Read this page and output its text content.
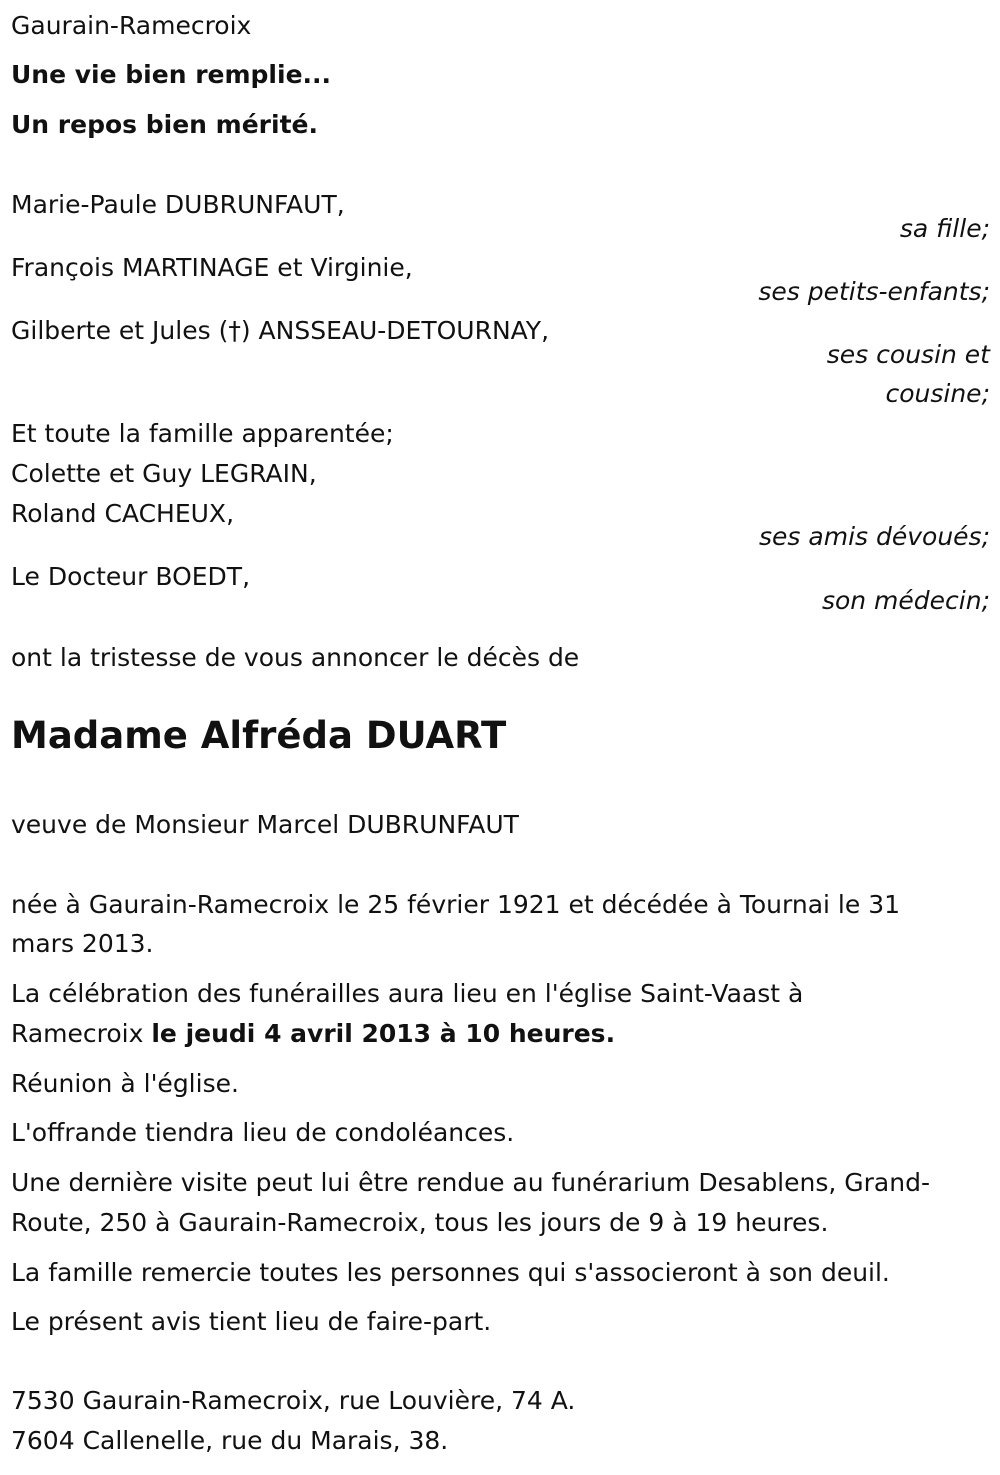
Gaurain-Ramecroix
Une vie bien remplie...
Un repos bien mérité.
Marie-Paule DUBRUNFAUT,
sa fille;
François MARTINAGE et Virginie,
ses petits-enfants;
Gilberte et Jules (†) ANSSEAU-DETOURNAY,
ses cousin et
cousine;
Et toute la famille apparentée;
Colette et Guy LEGRAIN,
Roland CACHEUX,
ses amis dévoués;
Le Docteur BOEDT,
son médecin;
ont la tristesse de vous annoncer le décès de
Madame Alfréda DUART
veuve de Monsieur Marcel DUBRUNFAUT
née à Gaurain-Ramecroix le 25 février 1921 et décédée à Tournai le 31
mars 2013.
La célébration des funérailles aura lieu en l'église Saint-Vaast à
Ramecroix le jeudi 4 avril 2013 à 10 heures.
Réunion à l'église.
L'offrande tiendra lieu de condoléances.
Une dernière visite peut lui être rendue au funérarium Desablens, Grand-
Route, 250 à Gaurain-Ramecroix, tous les jours de 9 à 19 heures.
La famille remercie toutes les personnes qui s'associeront à son deuil.
Le présent avis tient lieu de faire-part.
7530 Gaurain-Ramecroix, rue Louvière, 74 A.
7604 Callenelle, rue du Marais, 38.
